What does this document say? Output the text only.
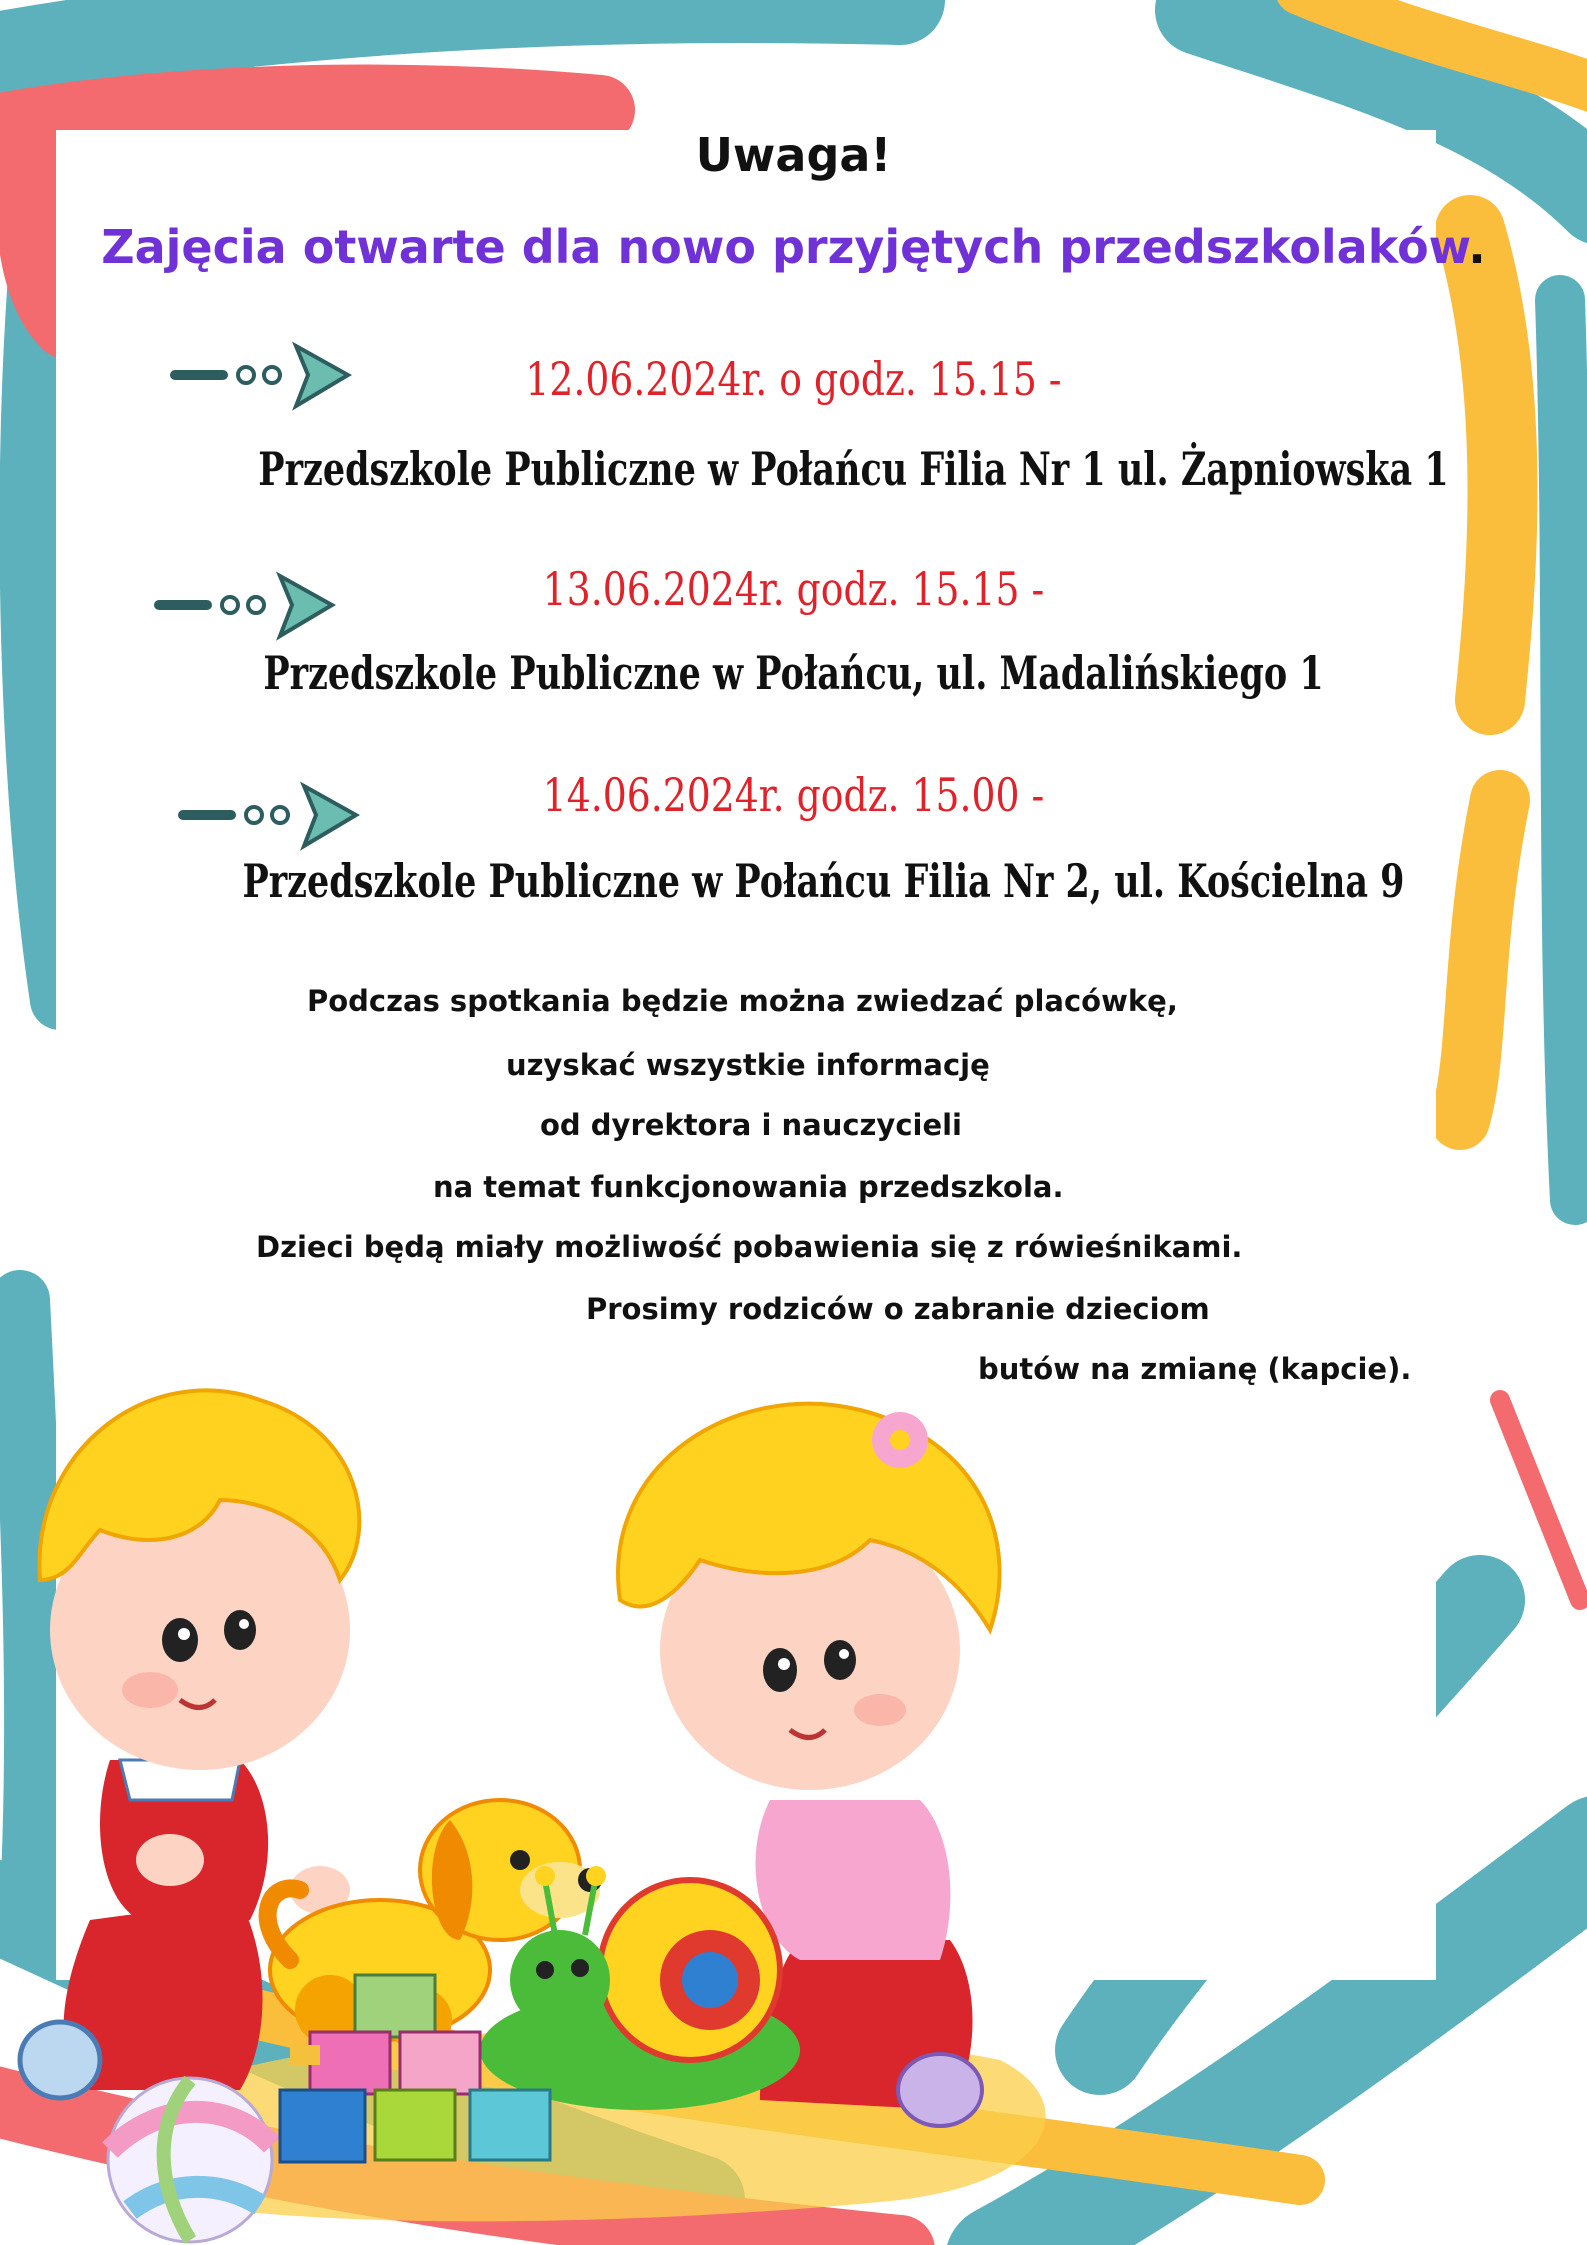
Uwaga!
Zajęcia otwarte dla nowo przyjętych przedszkolaków.
12.06.2024r. o godz. 15.15 -
Przedszkole Publiczne w Połańcu Filia Nr 1 ul. Żapniowska 1
13.06.2024r. godz. 15.15 -
Przedszkole Publiczne w Połańcu, ul. Madalińskiego 1
14.06.2024r. godz. 15.00 -
Przedszkole Publiczne w Połańcu Filia Nr 2, ul. Kościelna 9
Podczas spotkania będzie można zwiedzać placówkę,
uzyskać wszystkie informację
od dyrektora i nauczycieli
na temat funkcjonowania przedszkola.
Dzieci będą miały możliwość pobawienia się z rówieśnikami.
Prosimy rodziców o zabranie dzieciom
butów na zmianę (kapcie).
